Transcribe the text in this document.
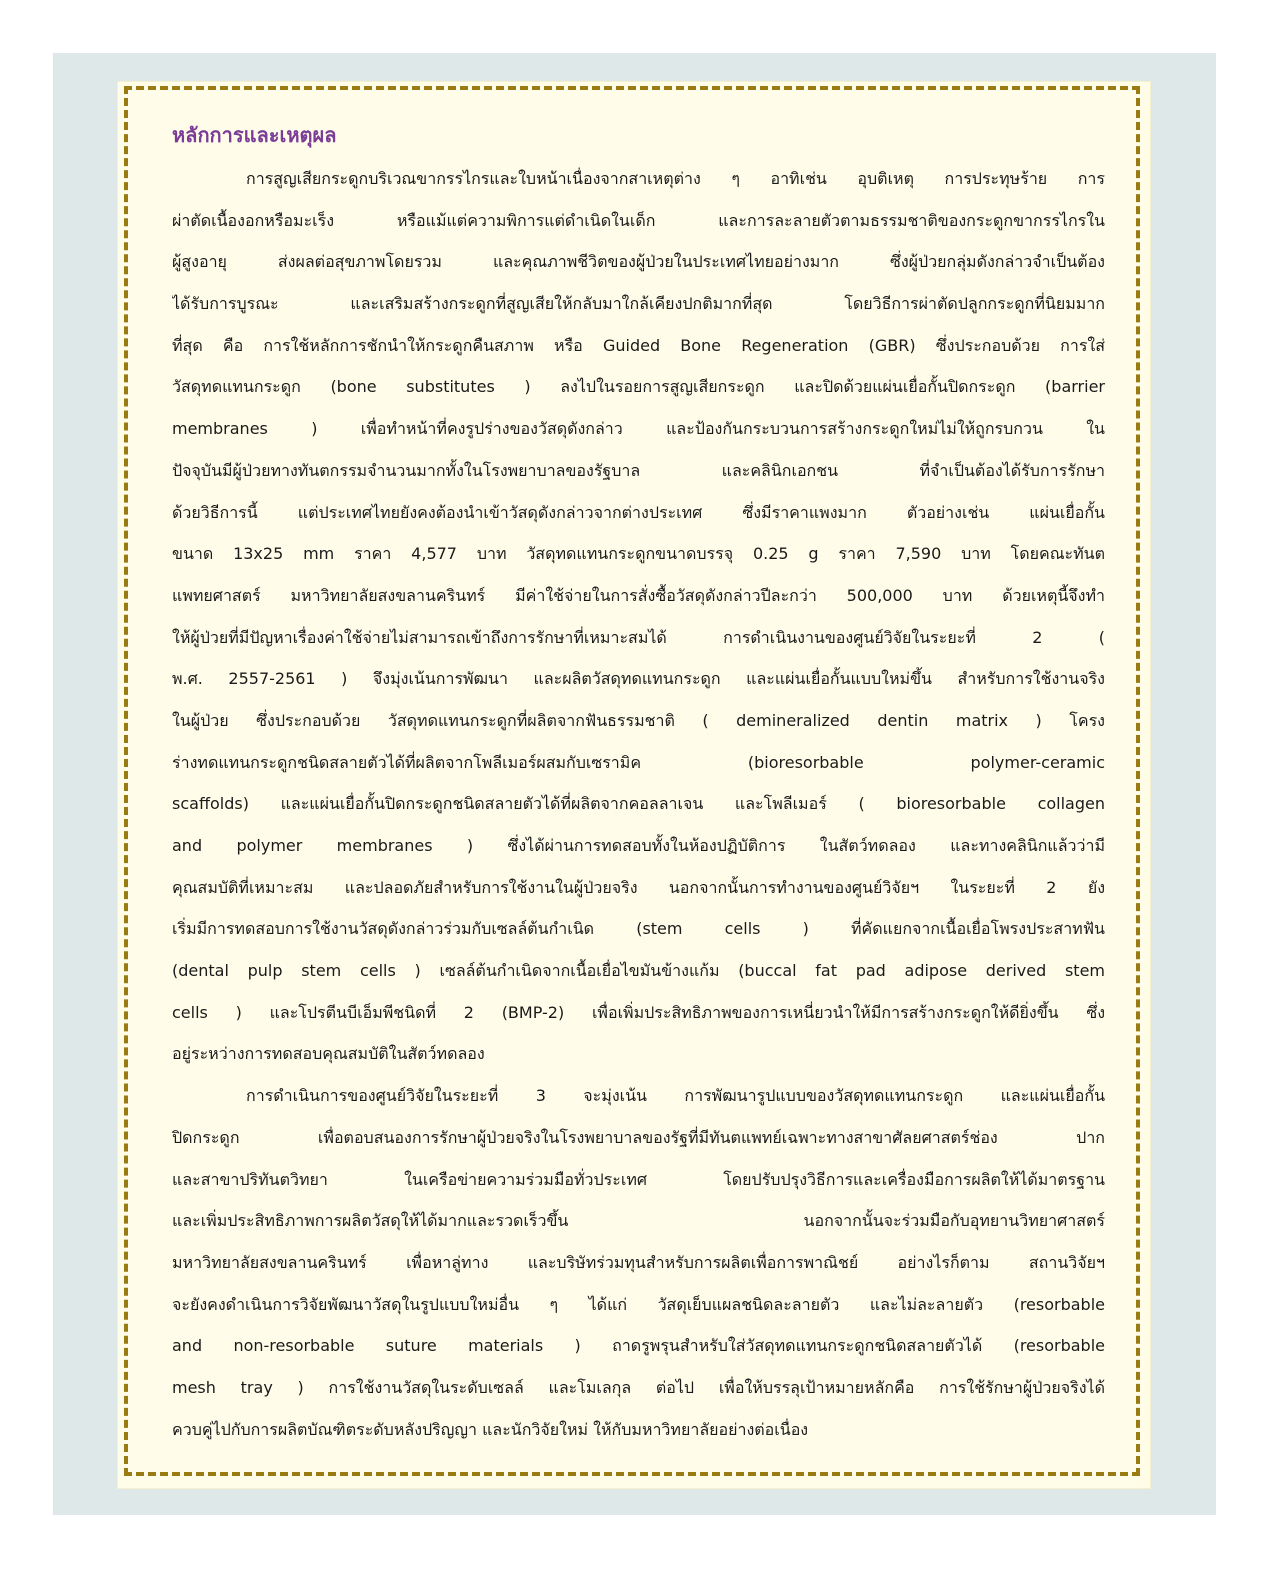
หลักการและเหตุผล
การสูญเสียกระดูกบริเวณขากรรไกรและใบหน้าเนื่องจากสาเหตุต่าง ๆ อาทิเช่น อุบติเหตุ การประทุษร้าย การ
ผ่าตัดเนื้องอกหรือมะเร็ง หรือแม้แต่ความพิการแต่ดำเนิดในเด็ก และการละลายตัวตามธรรมชาติของกระดูกขากรรไกรใน
ผู้สูงอายุ ส่งผลต่อสุขภาพโดยรวม และคุณภาพชีวิตของผู้ป่วยในประเทศไทยอย่างมาก ซึ่งผู้ป่วยกลุ่มดังกล่าวจำเป็นต้อง
ได้รับการบูรณะ และเสริมสร้างกระดูกที่สูญเสียให้กลับมาใกล้เคียงปกติมากที่สุด โดยวิธีการผ่าตัดปลูกกระดูกที่นิยมมาก
ที่สุด คือ การใช้หลักการชักนำให้กระดูกคืนสภาพ หรือ Guided Bone Regeneration (GBR) ซึ่งประกอบด้วย การใส่
วัสดุทดแทนกระดูก (bone substitutes ) ลงไปในรอยการสูญเสียกระดูก และปิดด้วยแผ่นเยื่อกั้นปิดกระดูก (barrier
membranes ) เพื่อทำหน้าที่คงรูปร่างของวัสดุดังกล่าว และป้องกันกระบวนการสร้างกระดูกใหม่ไม่ให้ถูกรบกวน ใน
ปัจจุบันมีผู้ป่วยทางทันตกรรมจำนวนมากทั้งในโรงพยาบาลของรัฐบาล และคลินิกเอกชน ที่จำเป็นต้องได้รับการรักษา
ด้วยวิธีการนี้ แต่ประเทศไทยยังคงต้องนำเข้าวัสดุดังกล่าวจากต่างประเทศ ซึ่งมีราคาแพงมาก ตัวอย่างเช่น แผ่นเยื่อกั้น
ขนาด 13x25 mm ราคา 4,577 บาท วัสดุทดแทนกระดูกขนาดบรรจุ 0.25 g ราคา 7,590 บาท โดยคณะทันต
แพทยศาสตร์ มหาวิทยาลัยสงขลานครินทร์ มีค่าใช้จ่ายในการสั่งซื้อวัสดุดังกล่าวปีละกว่า 500,000 บาท ด้วยเหตุนี้จึงทำ
ให้ผู้ป่วยที่มีปัญหาเรื่องค่าใช้จ่ายไม่สามารถเข้าถึงการรักษาที่เหมาะสมได้ การดำเนินงานของศูนย์วิจัยในระยะที่ 2 (
พ.ศ. 2557-2561 ) จึงมุ่งเน้นการพัฒนา และผลิตวัสดุทดแทนกระดูก และแผ่นเยื่อกั้นแบบใหม่ขึ้น สำหรับการใช้งานจริง
ในผู้ป่วย ซึ่งประกอบด้วย วัสดุทดแทนกระดูกที่ผลิตจากฟันธรรมชาติ ( demineralized dentin matrix ) โครง
ร่างทดแทนกระดูกชนิดสลายตัวได้ที่ผลิตจากโพลีเมอร์ผสมกับเซรามิค (bioresorbable polymer-ceramic
scaffolds) และแผ่นเยื่อกั้นปิดกระดูกชนิดสลายตัวได้ที่ผลิตจากคอลลาเจน และโพลีเมอร์ ( bioresorbable collagen
and polymer membranes ) ซึ่งได้ผ่านการทดสอบทั้งในห้องปฏิบัติการ ในสัตว์ทดลอง และทางคลินิกแล้วว่ามี
คุณสมบัติที่เหมาะสม และปลอดภัยสำหรับการใช้งานในผู้ป่วยจริง นอกจากนั้นการทำงานของศูนย์วิจัยฯ ในระยะที่ 2 ยัง
เริ่มมีการทดสอบการใช้งานวัสดุดังกล่าวร่วมกับเซลล์ต้นกำเนิด (stem cells ) ที่คัดแยกจากเนื้อเยื่อโพรงประสาทฟัน
(dental pulp stem cells ) เซลล์ต้นกำเนิดจากเนื้อเยื่อไขมันข้างแก้ม (buccal fat pad adipose derived stem
cells ) และโปรตีนบีเอ็มพีชนิดที่ 2 (BMP-2) เพื่อเพิ่มประสิทธิภาพของการเหนี่ยวนำให้มีการสร้างกระดูกให้ดียิ่งขึ้น ซึ่ง
อยู่ระหว่างการทดสอบคุณสมบัติในสัตว์ทดลอง
การดำเนินการของศูนย์วิจัยในระยะที่ 3 จะมุ่งเน้น การพัฒนารูปแบบของวัสดุทดแทนกระดูก และแผ่นเยื่อกั้น
ปิดกระดูก เพื่อตอบสนองการรักษาผู้ป่วยจริงในโรงพยาบาลของรัฐที่มีทันตแพทย์เฉพาะทางสาขาศัลยศาสตร์ช่อง ปาก
และสาขาปริทันตวิทยา ในเครือข่ายความร่วมมือทั่วประเทศ โดยปรับปรุงวิธีการและเครื่องมือการผลิตให้ได้มาตรฐาน
และเพิ่มประสิทธิภาพการผลิตวัสดุให้ได้มากและรวดเร็วขึ้น นอกจากนั้นจะร่วมมือกับอุทยานวิทยาศาสตร์
มหาวิทยาลัยสงขลานครินทร์ เพื่อหาลู่ทาง และบริษัทร่วมทุนสำหรับการผลิตเพื่อการพาณิชย์ อย่างไรก็ตาม สถานวิจัยฯ
จะยังคงดำเนินการวิจัยพัฒนาวัสดุในรูปแบบใหม่อื่น ๆ ได้แก่ วัสดุเย็บแผลชนิดละลายตัว และไม่ละลายตัว (resorbable
and non-resorbable suture materials ) ถาดรูพรุนสำหรับใส่วัสดุทดแทนกระดูกชนิดสลายตัวได้ (resorbable
mesh tray ) การใช้งานวัสดุในระดับเซลล์ และโมเลกุล ต่อไป เพื่อให้บรรลุเป้าหมายหลักคือ การใช้รักษาผู้ป่วยจริงได้
ควบคู่ไปกับการผลิตบัณฑิตระดับหลังปริญญา และนักวิจัยใหม่ ให้กับมหาวิทยาลัยอย่างต่อเนื่อง
